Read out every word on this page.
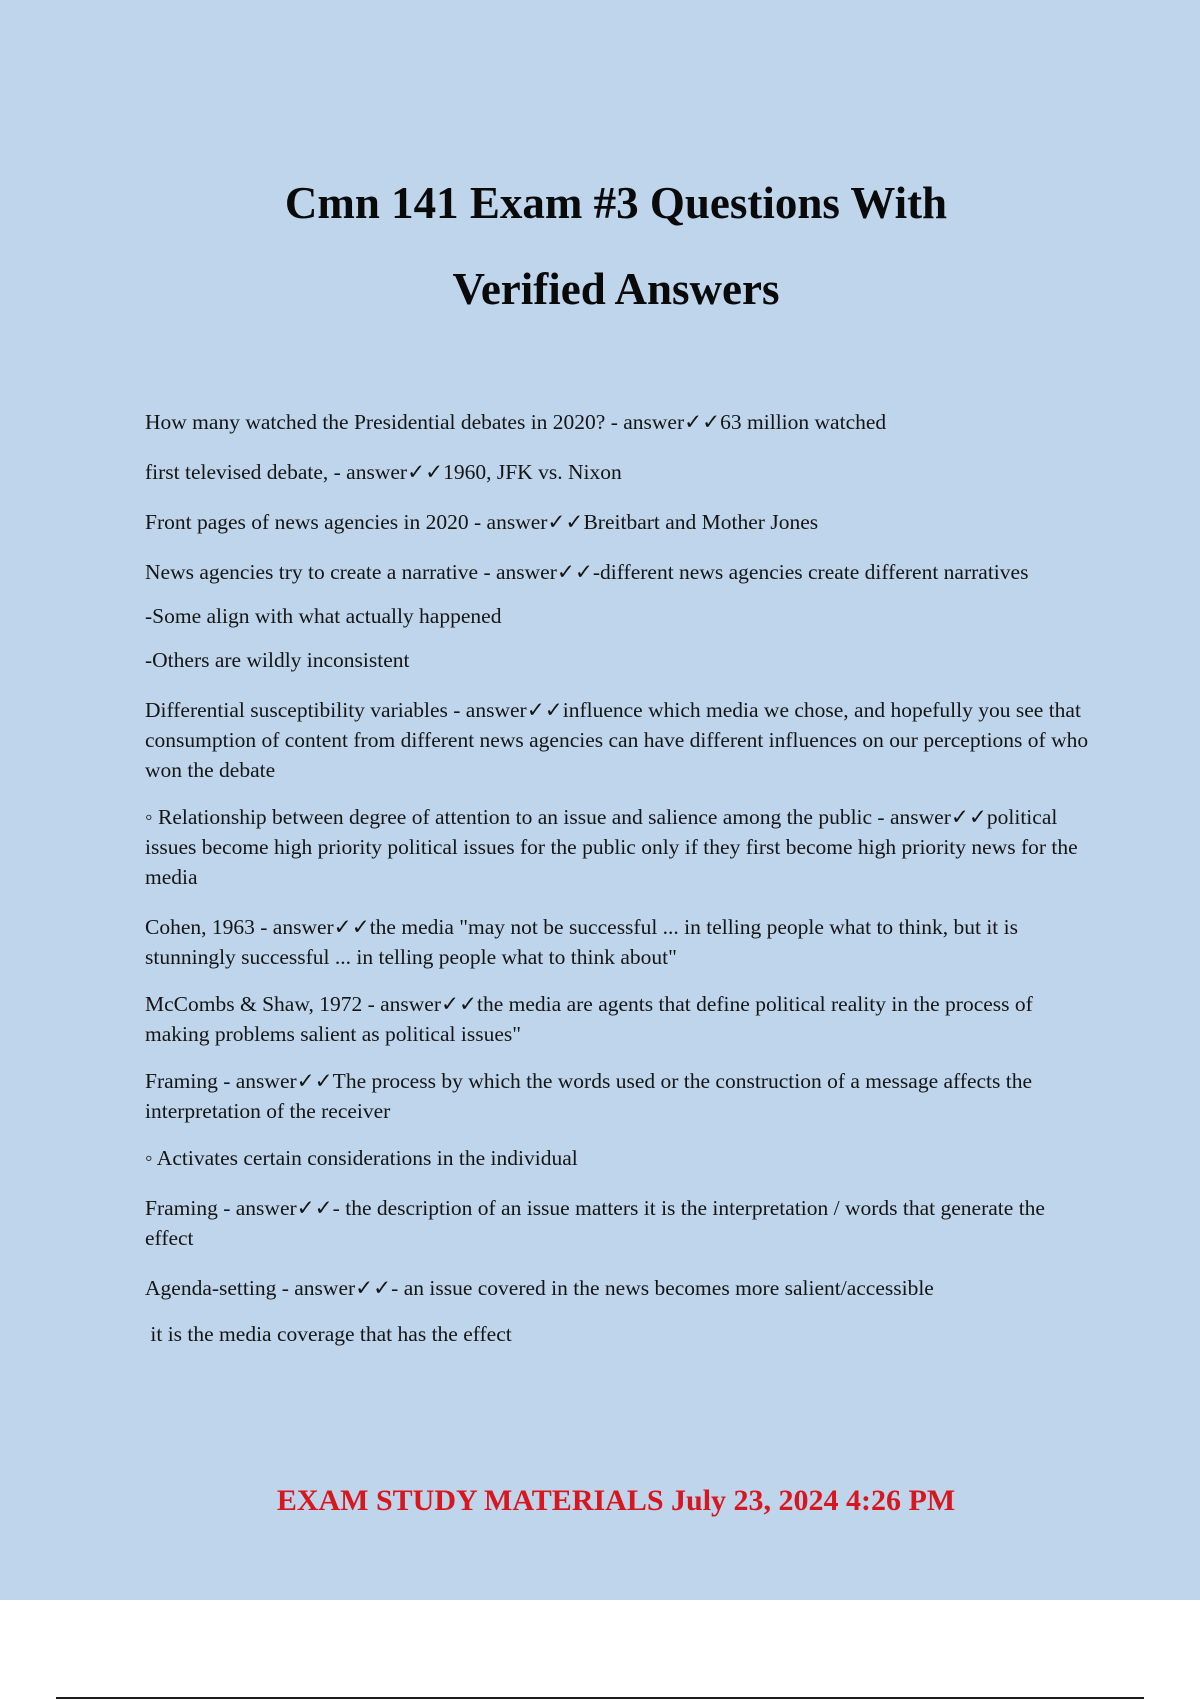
Cmn 141 Exam #3 Questions With
Verified Answers

How many watched the Presidential debates in 2020? - answer✓✓63 million watched

first televised debate, - answer✓✓1960, JFK vs. Nixon

Front pages of news agencies in 2020 - answer✓✓Breitbart and Mother Jones

News agencies try to create a narrative - answer✓✓-different news agencies create different narratives

-Some align with what actually happened

-Others are wildly inconsistent

Differential susceptibility variables - answer✓✓influence which media we chose, and hopefully you see that consumption of content from different news agencies can have different influences on our perceptions of who won the debate

◦ Relationship between degree of attention to an issue and salience among the public - answer✓✓political issues become high priority political issues for the public only if they first become high priority news for the media

Cohen, 1963 - answer✓✓the media "may not be successful ... in telling people what to think, but it is stunningly successful ... in telling people what to think about"

McCombs & Shaw, 1972 - answer✓✓the media are agents that define political reality in the process of making problems salient as political issues"

Framing - answer✓✓The process by which the words used or the construction of a message affects the interpretation of the receiver

◦ Activates certain considerations in the individual

Framing - answer✓✓- the description of an issue matters it is the interpretation / words that generate the effect

Agenda-setting - answer✓✓- an issue covered in the news becomes more salient/accessible

it is the media coverage that has the effect

EXAM STUDY MATERIALS July 23, 2024 4:26 PM
